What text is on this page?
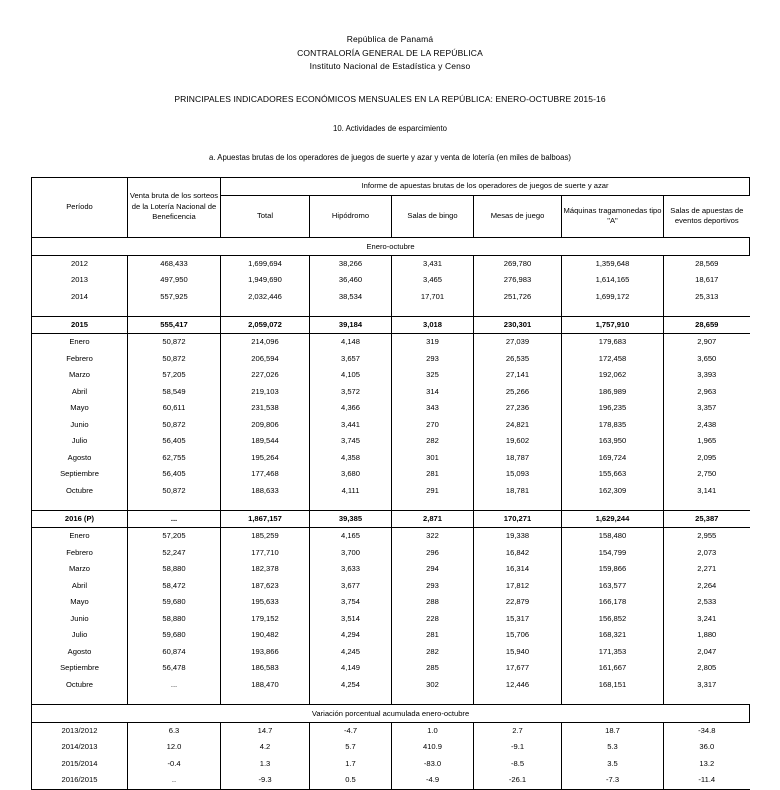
República de Panamá
CONTRALORÍA GENERAL DE LA REPÚBLICA
Instituto Nacional de Estadística y Censo
PRINCIPALES INDICADORES ECONÓMICOS MENSUALES EN LA REPÚBLICA: ENERO-OCTUBRE 2015-16
10. Actividades de esparcimiento
a. Apuestas brutas de los operadores de juegos de suerte y azar y venta de lotería (en miles de balboas)
Período	Venta bruta de los sorteos de la Lotería Nacional de Beneficencia	Informe de apuestas brutas de los operadores de juegos de suerte y azar					
		Total	Hipódromo	Salas de bingo	Mesas de juego	Máquinas tragamonedas tipo "A"	Salas de apuestas de eventos deportivos
Enero-octubre							
2012	468,433	1,699,694	38,266	3,431	269,780	1,359,648	28,569
2013	497,950	1,949,690	36,460	3,465	276,983	1,614,165	18,617
2014	557,925	2,032,446	38,534	17,701	251,726	1,699,172	25,313

2015	555,417	2,059,072	39,184	3,018	230,301	1,757,910	28,659
Enero	50,872	214,096	4,148	319	27,039	179,683	2,907
Febrero	50,872	206,594	3,657	293	26,535	172,458	3,650
Marzo	57,205	227,026	4,105	325	27,141	192,062	3,393
Abril	58,549	219,103	3,572	314	25,266	186,989	2,963
Mayo	60,611	231,538	4,366	343	27,236	196,235	3,357
Junio	50,872	209,806	3,441	270	24,821	178,835	2,438
Julio	56,405	189,544	3,745	282	19,602	163,950	1,965
Agosto	62,755	195,264	4,358	301	18,787	169,724	2,095
Septiembre	56,405	177,468	3,680	281	15,093	155,663	2,750
Octubre	50,872	188,633	4,111	291	18,781	162,309	3,141

2016 (P)	...	1,867,157	39,385	2,871	170,271	1,629,244	25,387
Enero	57,205	185,259	4,165	322	19,338	158,480	2,955
Febrero	52,247	177,710	3,700	296	16,842	154,799	2,073
Marzo	58,880	182,378	3,633	294	16,314	159,866	2,271
Abril	58,472	187,623	3,677	293	17,812	163,577	2,264
Mayo	59,680	195,633	3,754	288	22,879	166,178	2,533
Junio	58,880	179,152	3,514	228	15,317	156,852	3,241
Julio	59,680	190,482	4,294	281	15,706	168,321	1,880
Agosto	60,874	193,866	4,245	282	15,940	171,353	2,047
Septiembre	56,478	186,583	4,149	285	17,677	161,667	2,805
Octubre	...	188,470	4,254	302	12,446	168,151	3,317

Variación porcentual acumulada enero-octubre							
2013/2012	6.3	14.7	-4.7	1.0	2.7	18.7	-34.8
2014/2013	12.0	4.2	5.7	410.9	-9.1	5.3	36.0
2015/2014	-0.4	1.3	1.7	-83.0	-8.5	3.5	13.2
2016/2015	..	-9.3	0.5	-4.9	-26.1	-7.3	-11.4
